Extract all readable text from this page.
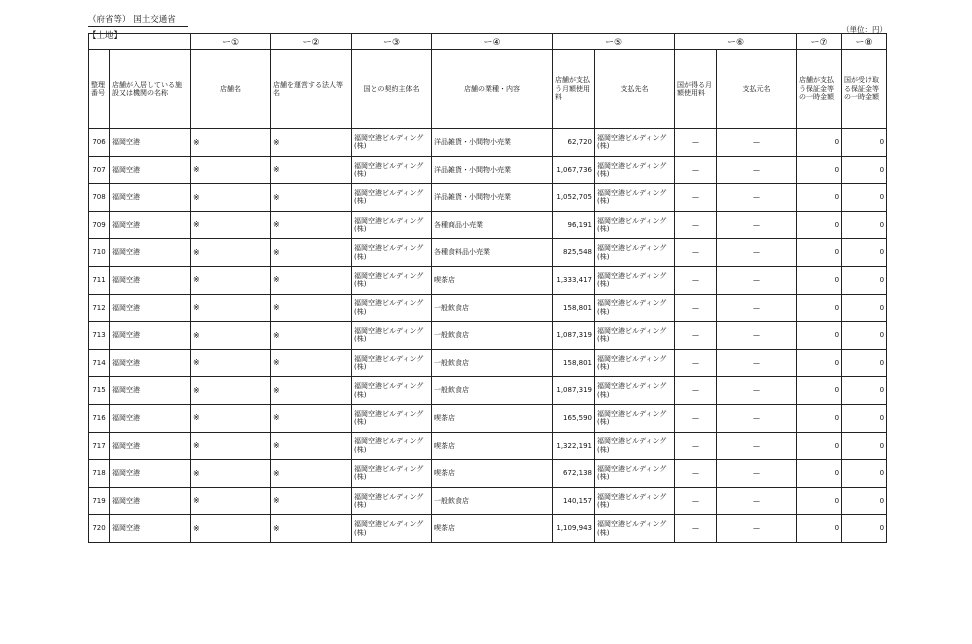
（府省等） 国土交通省
【土地】
（単位：円）
		ー①	ー②	ー③	ー④	ー⑤		ー⑥		ー⑦	ー⑧
整理番号	店舗が入居している施設又は機関の名称	店舗名	店舗を運営する法人等名	国との契約主体名	店舗の業種・内容	店舗が支払う月額使用料	支払先名	国が得る月額使用料	支払元名	店舗が支払う保証金等の一時金額	国が受け取る保証金等の一時金額
706	福岡空港	※	※	福岡空港ビルディング(株)	洋品雑貨・小間物小売業	62,720	福岡空港ビルディング(株)	—	—	0	0
707	福岡空港	※	※	福岡空港ビルディング(株)	洋品雑貨・小間物小売業	1,067,736	福岡空港ビルディング(株)	—	—	0	0
708	福岡空港	※	※	福岡空港ビルディング(株)	洋品雑貨・小間物小売業	1,052,705	福岡空港ビルディング(株)	—	—	0	0
709	福岡空港	※	※	福岡空港ビルディング(株)	各種商品小売業	96,191	福岡空港ビルディング(株)	—	—	0	0
710	福岡空港	※	※	福岡空港ビルディング(株)	各種食料品小売業	825,548	福岡空港ビルディング(株)	—	—	0	0
711	福岡空港	※	※	福岡空港ビルディング(株)	喫茶店	1,333,417	福岡空港ビルディング(株)	—	—	0	0
712	福岡空港	※	※	福岡空港ビルディング(株)	一般飲食店	158,801	福岡空港ビルディング(株)	—	—	0	0
713	福岡空港	※	※	福岡空港ビルディング(株)	一般飲食店	1,087,319	福岡空港ビルディング(株)	—	—	0	0
714	福岡空港	※	※	福岡空港ビルディング(株)	一般飲食店	158,801	福岡空港ビルディング(株)	—	—	0	0
715	福岡空港	※	※	福岡空港ビルディング(株)	一般飲食店	1,087,319	福岡空港ビルディング(株)	—	—	0	0
716	福岡空港	※	※	福岡空港ビルディング(株)	喫茶店	165,590	福岡空港ビルディング(株)	—	—	0	0
717	福岡空港	※	※	福岡空港ビルディング(株)	喫茶店	1,322,191	福岡空港ビルディング(株)	—	—	0	0
718	福岡空港	※	※	福岡空港ビルディング(株)	喫茶店	672,138	福岡空港ビルディング(株)	—	—	0	0
719	福岡空港	※	※	福岡空港ビルディング(株)	一般飲食店	140,157	福岡空港ビルディング(株)	—	—	0	0
720	福岡空港	※	※	福岡空港ビルディング(株)	喫茶店	1,109,943	福岡空港ビルディング(株)	—	—	0	0
